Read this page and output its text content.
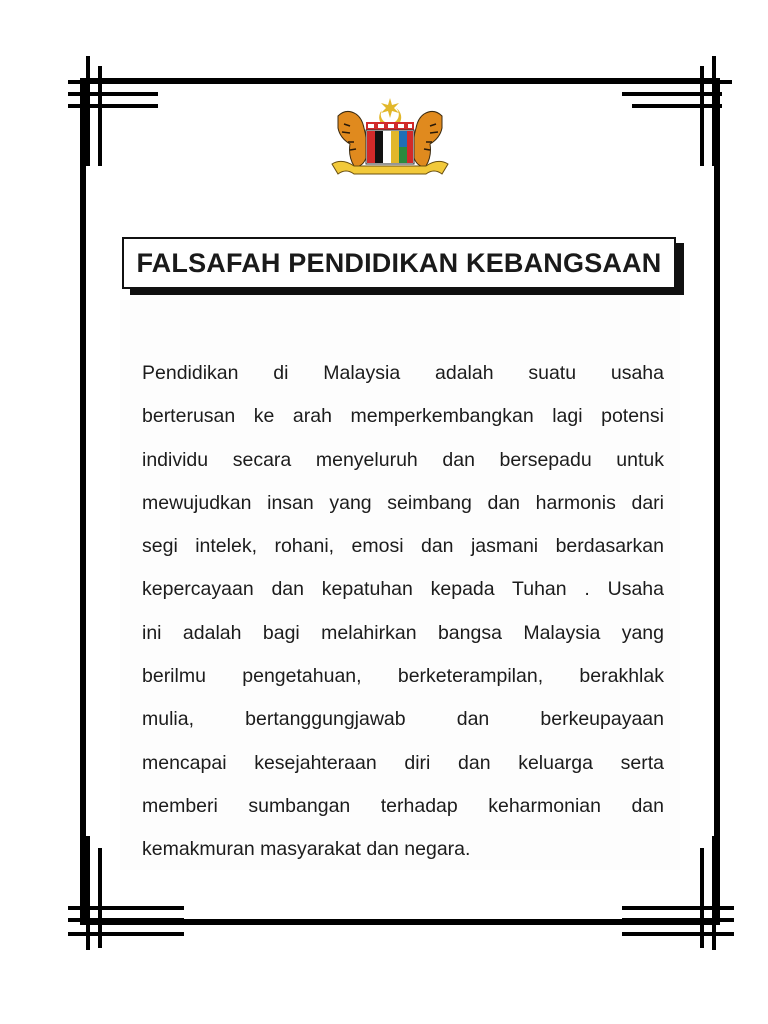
FALSAFAH PENDIDIKAN KEBANGSAAN
Pendidikan di Malaysia adalah suatu usaha
berterusan ke arah memperkembangkan lagi potensi
individu secara menyeluruh dan bersepadu untuk
mewujudkan insan yang seimbang dan harmonis dari
segi intelek, rohani, emosi dan jasmani berdasarkan
kepercayaan dan kepatuhan kepada Tuhan . Usaha
ini adalah bagi melahirkan bangsa Malaysia yang
berilmu pengetahuan, berketerampilan, berakhlak
mulia, bertanggungjawab dan berkeupayaan
mencapai kesejahteraan diri dan keluarga serta
memberi sumbangan terhadap keharmonian dan
kemakmuran masyarakat dan negara.
